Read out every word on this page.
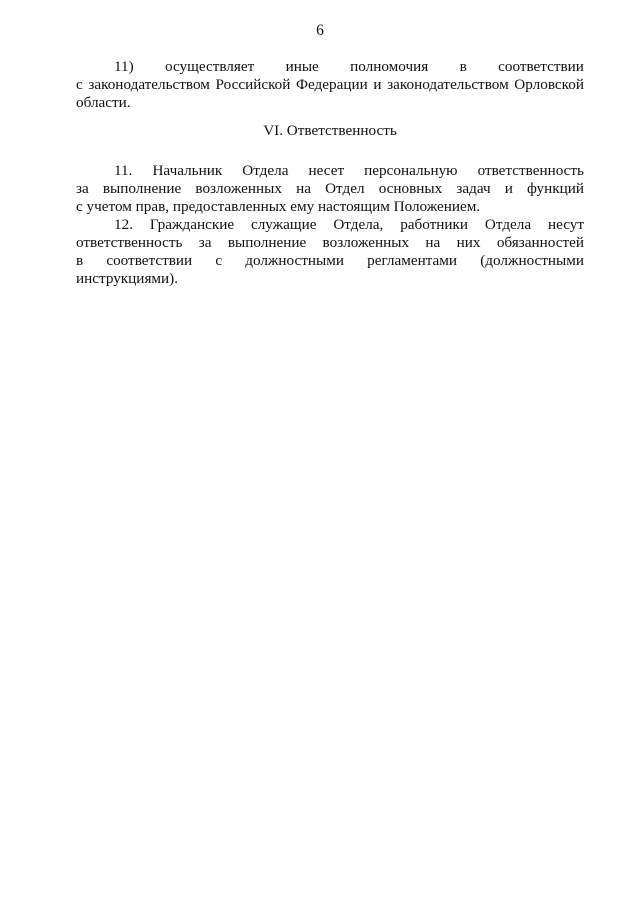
6
11) осуществляет иные полномочия в соответствии
с законодательством Российской Федерации и законодательством Орловской
области.
VI. Ответственность
11. Начальник Отдела несет персональную ответственность
за выполнение возложенных на Отдел основных задач и функций
с учетом прав, предоставленных ему настоящим Положением.
12. Гражданские служащие Отдела, работники Отдела несут
ответственность за выполнение возложенных на них обязанностей
в соответствии с должностными регламентами (должностными
инструкциями).
